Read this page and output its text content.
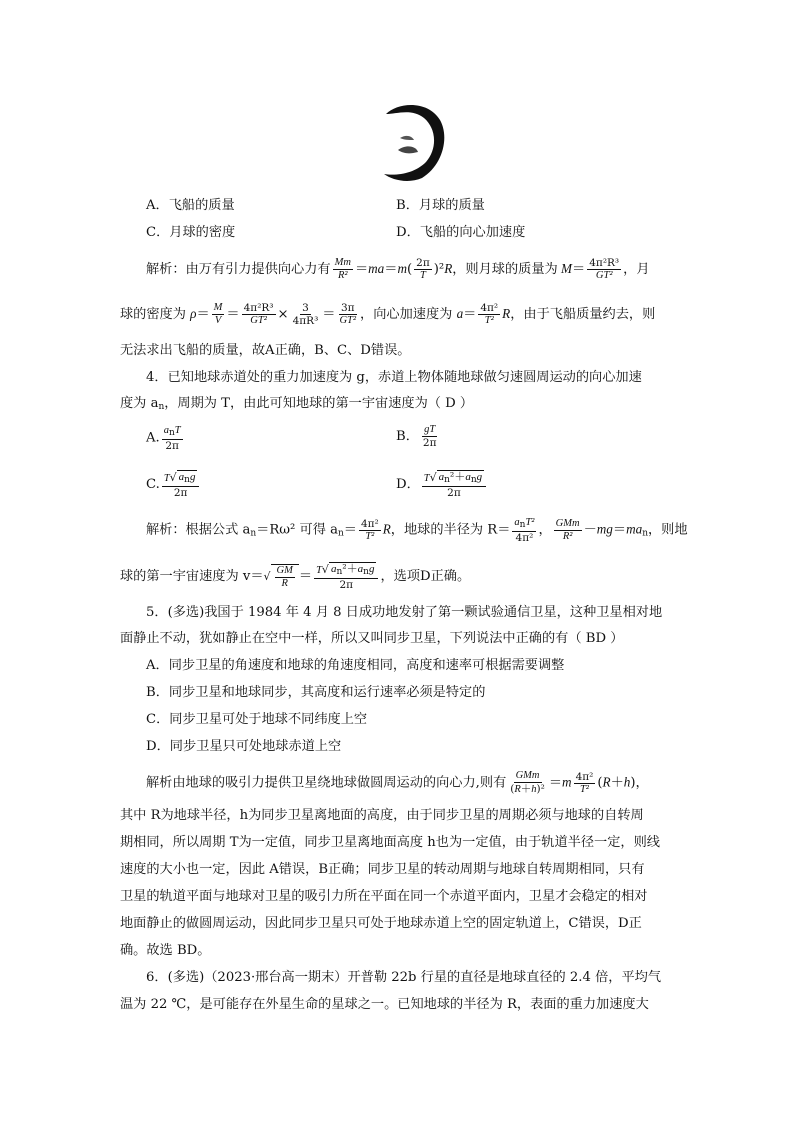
A．飞船的质量	B．月球的质量
C．月球的密度	D．飞船的向心加速度
解析：由万有引力提供向心力有 $\frac{Mm}{\text{R²}} =ma=m( \frac{2\pi}{T} )^2R$，则月球的质量为 $M= \frac{\text{4π²R³}}{\text{GT²}}$ ，月
球的密度为 $\rho= \frac{M}{V} = \frac{\text{4π²R³}}{\text{GT²}} \times \frac{3}{\text{4πR³}} = \frac{3\pi}{\text{GT²}}$ ，向心加速度为 $a= \frac{\text{4π²}}{\text{T²}}$ R，由于飞船质量约去，则
无法求出飞船的质量，故A正确，B、C、D错误。
4．已知地球赤道处的重力加速度为 g，赤道上物体随地球做匀速圆周运动的向心加速
度为 $a_n$，周期为 T，由此可知地球的第一宇宙速度为（ D ）
A. $\frac{\text{anT}}{2\pi}$	B． $\frac{gT}{2\pi}$
C. $\frac{T√ a_ng}{2\pi}$	D． $\frac{T√ a_n^2+a_ng}{2\pi}$
解析：根据公式 $a_n=R\omega^2$ 可得 $a_n= \frac{\text{4π²}}{\text{T²}}$ R，地球的半径为 $R= \frac{\text{anT²}}{\text{4π²}}$ ， $\frac{\text{GMm}}{\text{R²}} -mg=ma_n$，则地
球的第一宇宙速度为 $v=√ \frac{GM}{R} = \frac{T√ a_n^2+a_ng}{2\pi}$ ，选项D正确。
5．(多选)我国于 1984 年 4 月 8 日成功地发射了第一颗试验通信卫星，这种卫星相对地
面静止不动，犹如静止在空中一样，所以又叫同步卫星，下列说法中正确的有（ BD ）
A．同步卫星的角速度和地球的角速度相同，高度和速率可根据需要调整
B．同步卫星和地球同步，其高度和运行速率必须是特定的
C．同步卫星可处于地球不同纬度上空
D．同步卫星只可处地球赤道上空
解析由地球的吸引力提供卫星绕地球做圆周运动的向心力,则有 $\frac{\text{GMm}}{\text{(R＋h)²}} =m \frac{\text{4π²}}{\text{T²}} (R+h)$，
其中 R为地球半径，h为同步卫星离地面的高度，由于同步卫星的周期必须与地球的自转周
期相同，所以周期 T为一定值，同步卫星离地面高度 h也为一定值，由于轨道半径一定，则线
速度的大小也一定，因此 A错误，B正确；同步卫星的转动周期与地球自转周期相同，只有
卫星的轨道平面与地球对卫星的吸引力所在平面在同一个赤道平面内，卫星才会稳定的相对
地面静止的做圆周运动，因此同步卫星只可处于地球赤道上空的固定轨道上，C错误，D正
确。故选 BD。
6．(多选)（2023·邢台高一期末）开普勒 22b 行星的直径是地球直径的 2.4 倍，平均气
温为 22 ℃，是可能存在外星生命的星球之一。已知地球的半径为 R，表面的重力加速度大
